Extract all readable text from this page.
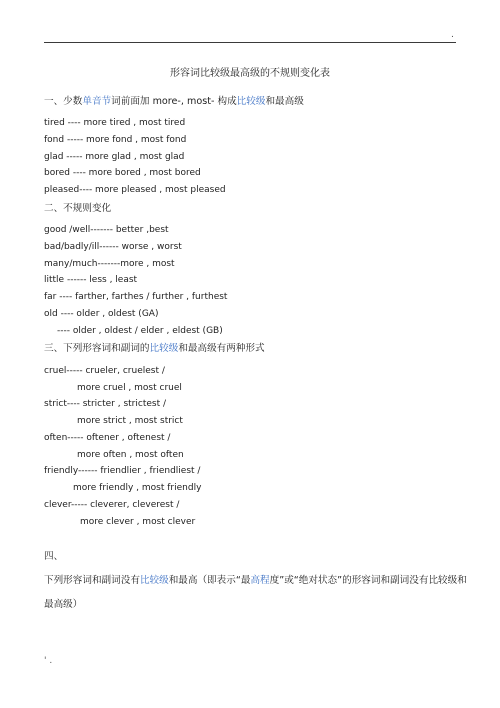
.
形容词比较级最高级的不规则变化表
一、少数单音节词前面加 more-, most- 构成比较级和最高级
tired ---- more tired , most tired
fond ----- more fond , most fond
glad ----- more glad , most glad
bored ---- more bored , most bored
pleased---- more pleased , most pleased
二、不规则变化
good /well------- better ,best
bad/badly/ill------ worse , worst
many/much-------more , most
little ------ less , least
far ---- farther, farthes / further , furthest
old ---- older , oldest (GA)
---- older , oldest / elder , eldest (GB)
三、下列形容词和副词的比较级和最高级有两种形式
cruel----- crueler, cruelest /
more cruel , most cruel
strict---- stricter , strictest /
more strict , most strict
often----- oftener , oftenest /
more often , most often
friendly------ friendlier , friendliest /
more friendly , most friendly
clever----- cleverer, cleverest /
more clever , most clever
四、
下列形容词和副词没有比较级和最高（即表示“最高程度”或“绝对状态”的形容词和副词没有比较级和
最高级）
' .
